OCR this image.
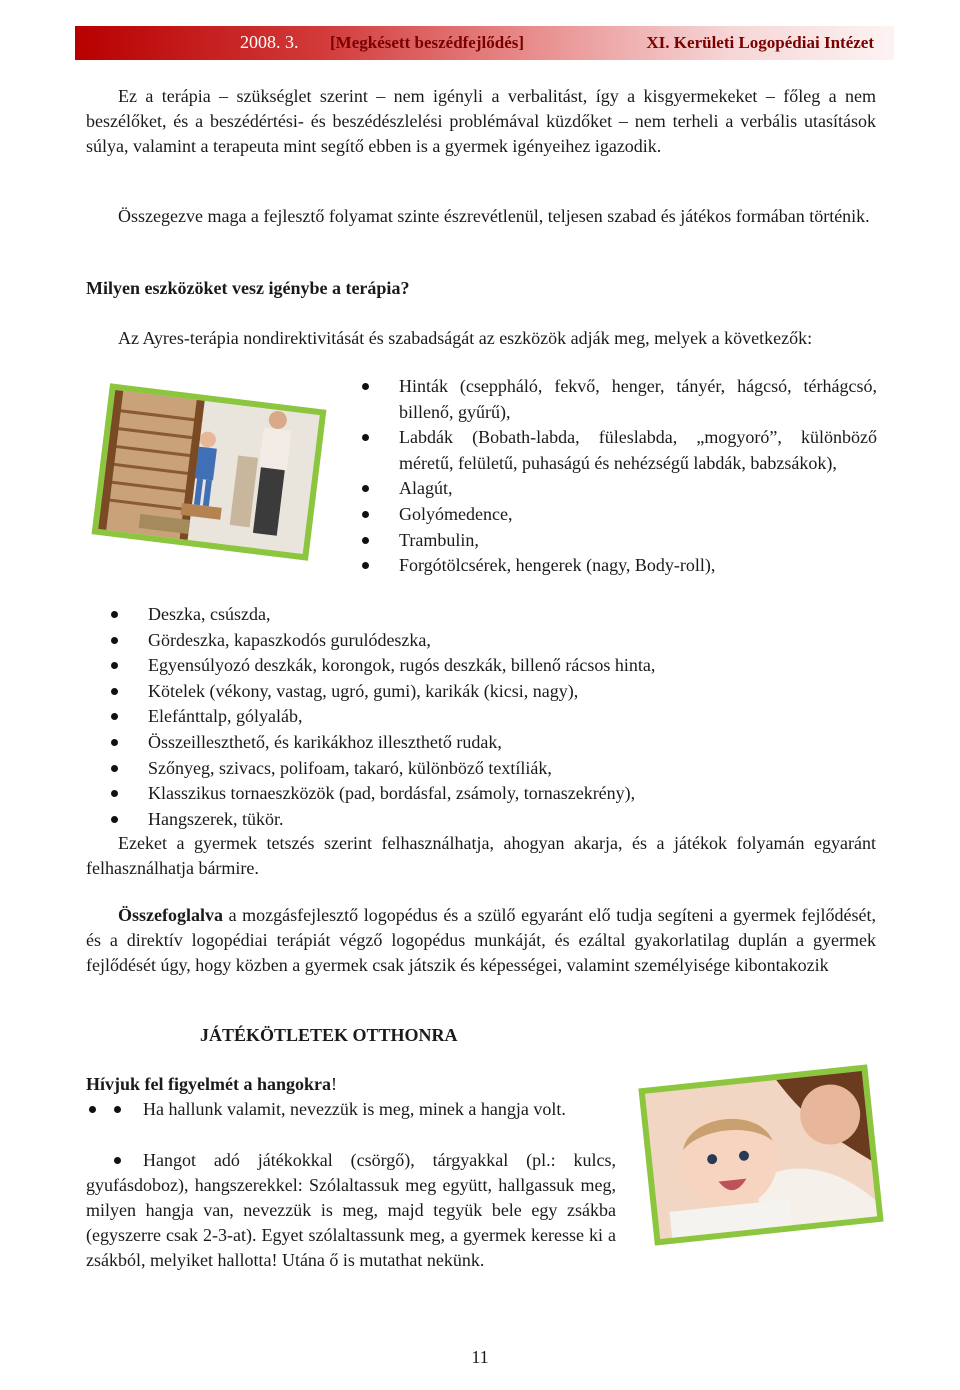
2008. 3. [Megkésett beszédfejlődés]	XI. Kerületi Logopédiai Intézet
Ez a terápia – szükséglet szerint – nem igényli a verbalitást, így a kisgyermekeket – főleg a nem beszélőket, és a beszédértési- és beszédészlelési problémával küzdőket – nem terheli a verbális utasítások súlya, valamint a terapeuta mint segítő ebben is a gyermek igényeihez igazodik.
Összegezve maga a fejlesztő folyamat szinte észrevétlenül, teljesen szabad és játékos formában történik.
Milyen eszközöket vesz igénybe a terápia?
Az Ayres-terápia nondirektivitását és szabadságát az eszközök adják meg, melyek a következők:
Hinták (cseppháló, fekvő, henger, tányér, hágcsó, térhágcsó, billenő, gyűrű),
Labdák (Bobath-labda, füleslabda, „mogyoró”, különböző méretű, felületű, puhaságú és nehézségű labdák, babzsákok),
Alagút,
Golyómedence,
Trambulin,
Forgótölcsérek, hengerek (nagy, Body-roll),
Deszka, csúszda,
Gördeszka, kapaszkodós gurulódeszka,
Egyensúlyozó deszkák, korongok, rugós deszkák, billenő rácsos hinta,
Kötelek (vékony, vastag, ugró, gumi), karikák (kicsi, nagy),
Elefánttalp, gólyaláb,
Összeilleszthető, és karikákhoz illeszthető rudak,
Szőnyeg, szivacs, polifoam, takaró, különböző textíliák,
Klasszikus tornaeszközök (pad, bordásfal, zsámoly, tornaszekrény),
Hangszerek, tükör.
Ezeket a gyermek tetszés szerint felhasználhatja, ahogyan akarja, és a játékok folyamán egyaránt felhasználhatja bármire.
Összefoglalva a mozgásfejlesztő logopédus és a szülő egyaránt elő tudja segíteni a gyermek fejlődését, és a direktív logopédiai terápiát végző logopédus munkáját, és ezáltal gyakorlatilag duplán a gyermek fejlődését úgy, hogy közben a gyermek csak játszik és képességei, valamint személyisége kibontakozik
JÁTÉKÖTLETEK OTTHONRA
Hívjuk fel figyelmét a hangokra!
Ha hallunk valamit, nevezzük is meg, minek a hangja volt.
Hangot adó játékokkal (csörgő), tárgyakkal (pl.: kulcs, gyufásdoboz), hangszerekkel: Szólaltassuk meg együtt, hallgassuk meg, milyen hangja van, nevezzük is meg, majd tegyük bele egy zsákba (egyszerre csak 2-3-at). Egyet szólaltassunk meg, a gyermek keresse ki a zsákból, melyiket hallotta! Utána ő is mutathat nekünk.
11
